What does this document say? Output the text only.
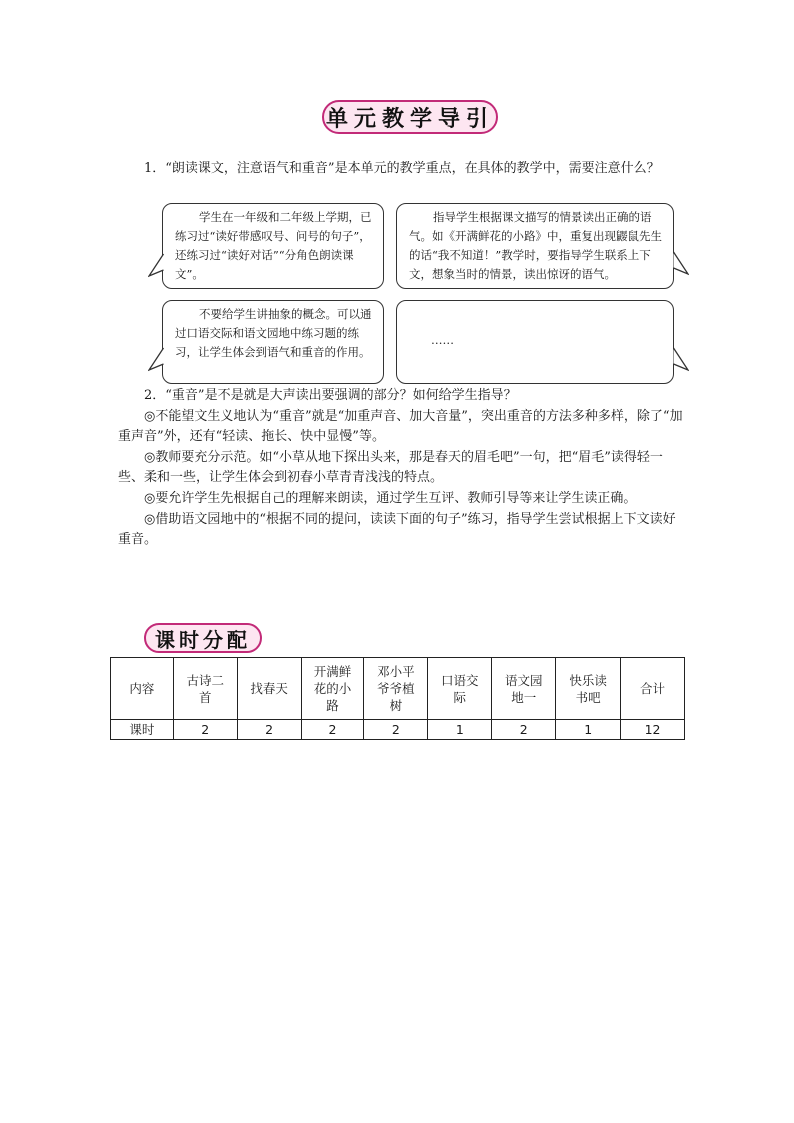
单元教学导引
1．“朗读课文，注意语气和重音”是本单元的教学重点，在具体的教学中，需要注意什么？
学生在一年级和二年级上学期，已练习过“读好带感叹号、问号的句子”，还练习过“读好对话”“分角色朗读课文”。
指导学生根据课文描写的情景读出正确的语气。如《开满鲜花的小路》中，重复出现鼹鼠先生的话“我不知道！”教学时，要指导学生联系上下文，想象当时的情景，读出惊讶的语气。
不要给学生讲抽象的概念。可以通过口语交际和语文园地中练习题的练习，让学生体会到语气和重音的作用。
……

2．“重音”是不是就是大声读出要强调的部分？如何给学生指导？

◎不能望文生义地认为“重音”就是“加重声音、加大音量”，突出重音的方法多种多样，除了“加重声音”外，还有“轻读、拖长、快中显慢”等。

◎教师要充分示范。如“小草从地下探出头来，那是春天的眉毛吧”一句，把“眉毛”读得轻一些、柔和一些，让学生体会到初春小草青青浅浅的特点。

◎要允许学生先根据自己的理解来朗读，通过学生互评、教师引导等来让学生读正确。

◎借助语文园地中的“根据不同的提问，读读下面的句子”练习，指导学生尝试根据上下文读好重音。

课时分配
内容	古诗二首	找春天	开满鲜花的小路	邓小平爷爷植树	口语交际	语文园地一	快乐读书吧	合计
课时	2	2	2	2	1	2	1	12
